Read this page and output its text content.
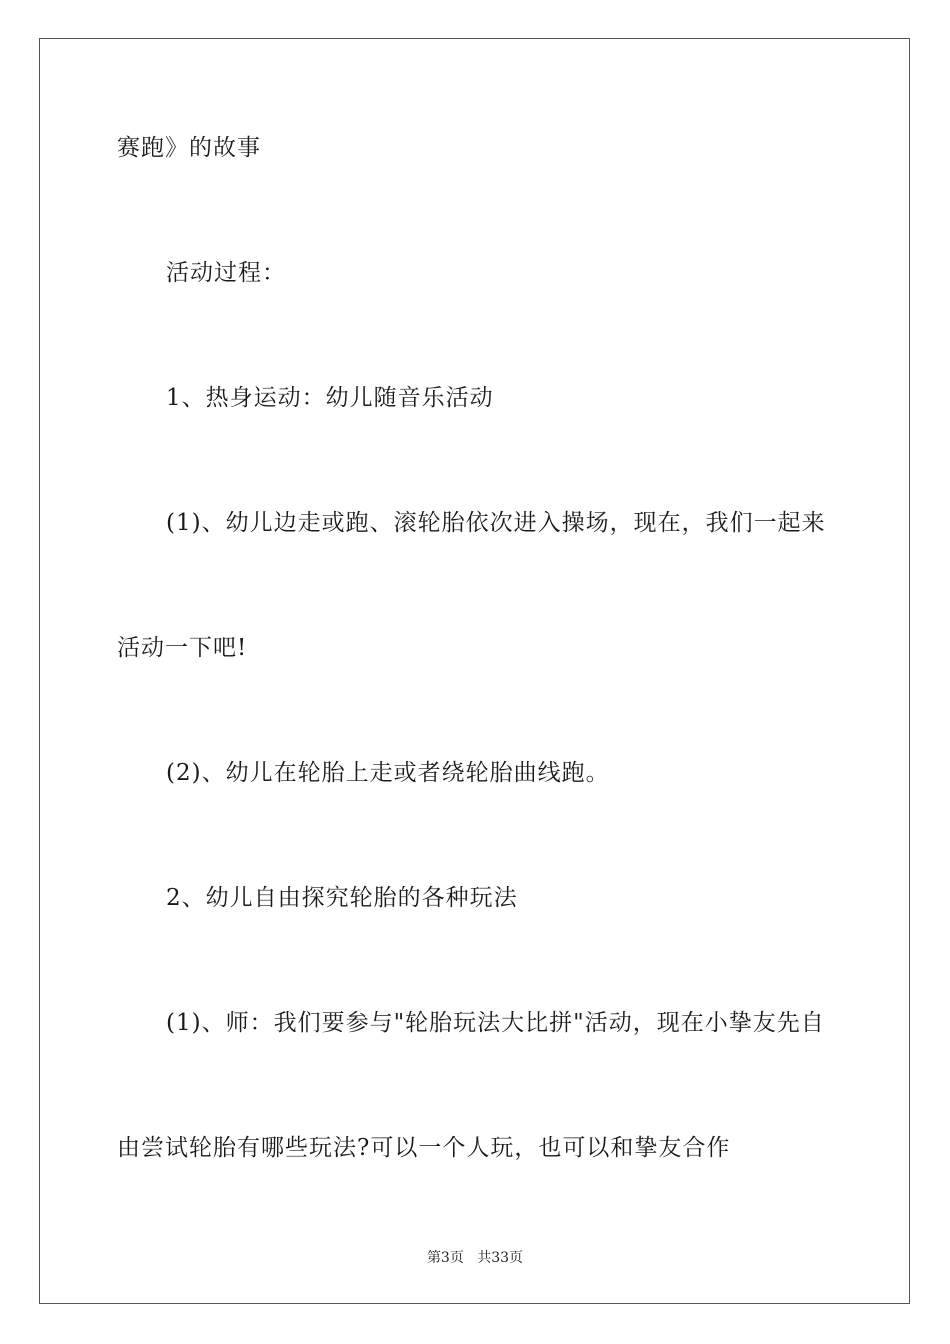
赛跑》的故事
活动过程：
1、热身运动：幼儿随音乐活动
(1)、幼儿边走或跑、滚轮胎依次进入操场，现在，我们一起来
活动一下吧!
(2)、幼儿在轮胎上走或者绕轮胎曲线跑。
2、幼儿自由探究轮胎的各种玩法
(1)、师：我们要参与"轮胎玩法大比拼"活动，现在小挚友先自
由尝试轮胎有哪些玩法?可以一个人玩，也可以和挚友合作
第3页 共33页
